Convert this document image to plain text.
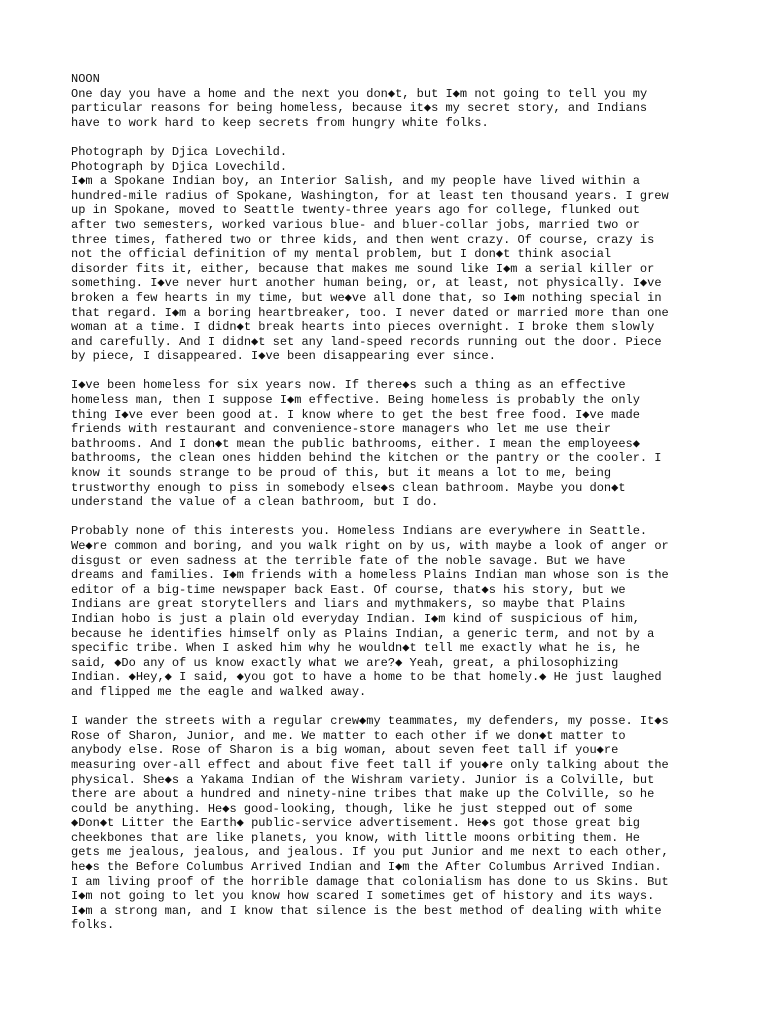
NOON
One day you have a home and the next you don◆t, but I◆m not going to tell you my
particular reasons for being homeless, because it◆s my secret story, and Indians
have to work hard to keep secrets from hungry white folks.
Photograph by Djica Lovechild.
Photograph by Djica Lovechild.
I◆m a Spokane Indian boy, an Interior Salish, and my people have lived within a
hundred-mile radius of Spokane, Washington, for at least ten thousand years. I grew
up in Spokane, moved to Seattle twenty-three years ago for college, flunked out
after two semesters, worked various blue- and bluer-collar jobs, married two or
three times, fathered two or three kids, and then went crazy. Of course, crazy is
not the official definition of my mental problem, but I don◆t think asocial
disorder fits it, either, because that makes me sound like I◆m a serial killer or
something. I◆ve never hurt another human being, or, at least, not physically. I◆ve
broken a few hearts in my time, but we◆ve all done that, so I◆m nothing special in
that regard. I◆m a boring heartbreaker, too. I never dated or married more than one
woman at a time. I didn◆t break hearts into pieces overnight. I broke them slowly
and carefully. And I didn◆t set any land-speed records running out the door. Piece
by piece, I disappeared. I◆ve been disappearing ever since.
I◆ve been homeless for six years now. If there◆s such a thing as an effective
homeless man, then I suppose I◆m effective. Being homeless is probably the only
thing I◆ve ever been good at. I know where to get the best free food. I◆ve made
friends with restaurant and convenience-store managers who let me use their
bathrooms. And I don◆t mean the public bathrooms, either. I mean the employees◆
bathrooms, the clean ones hidden behind the kitchen or the pantry or the cooler. I
know it sounds strange to be proud of this, but it means a lot to me, being
trustworthy enough to piss in somebody else◆s clean bathroom. Maybe you don◆t
understand the value of a clean bathroom, but I do.
Probably none of this interests you. Homeless Indians are everywhere in Seattle.
We◆re common and boring, and you walk right on by us, with maybe a look of anger or
disgust or even sadness at the terrible fate of the noble savage. But we have
dreams and families. I◆m friends with a homeless Plains Indian man whose son is the
editor of a big-time newspaper back East. Of course, that◆s his story, but we
Indians are great storytellers and liars and mythmakers, so maybe that Plains
Indian hobo is just a plain old everyday Indian. I◆m kind of suspicious of him,
because he identifies himself only as Plains Indian, a generic term, and not by a
specific tribe. When I asked him why he wouldn◆t tell me exactly what he is, he
said, ◆Do any of us know exactly what we are?◆ Yeah, great, a philosophizing
Indian. ◆Hey,◆ I said, ◆you got to have a home to be that homely.◆ He just laughed
and flipped me the eagle and walked away.
I wander the streets with a regular crew◆my teammates, my defenders, my posse. It◆s
Rose of Sharon, Junior, and me. We matter to each other if we don◆t matter to
anybody else. Rose of Sharon is a big woman, about seven feet tall if you◆re
measuring over-all effect and about five feet tall if you◆re only talking about the
physical. She◆s a Yakama Indian of the Wishram variety. Junior is a Colville, but
there are about a hundred and ninety-nine tribes that make up the Colville, so he
could be anything. He◆s good-looking, though, like he just stepped out of some
◆Don◆t Litter the Earth◆ public-service advertisement. He◆s got those great big
cheekbones that are like planets, you know, with little moons orbiting them. He
gets me jealous, jealous, and jealous. If you put Junior and me next to each other,
he◆s the Before Columbus Arrived Indian and I◆m the After Columbus Arrived Indian.
I am living proof of the horrible damage that colonialism has done to us Skins. But
I◆m not going to let you know how scared I sometimes get of history and its ways.
I◆m a strong man, and I know that silence is the best method of dealing with white
folks.
